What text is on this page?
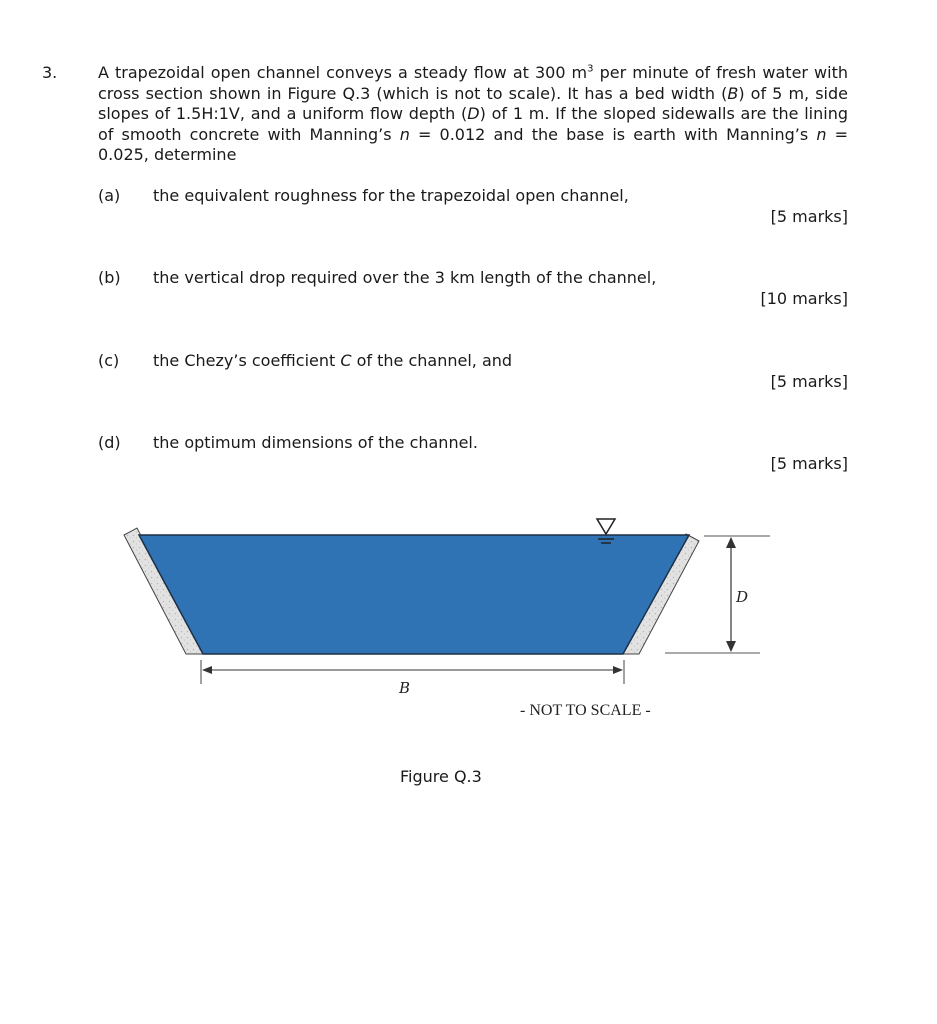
3.	A trapezoidal open channel conveys a steady flow at 300 $m^3$ per minute of fresh water with cross section shown in Figure Q.3 (which is not to scale). It has a bed width (B) of 5 m, side slopes of 1.5H:1V, and a uniform flow depth (D) of 1 m. If the sloped sidewalls are the lining of smooth concrete with Manning’s n = 0.012 and the base is earth with Manning’s n = 0.025, determine
(a) the equivalent roughness for the trapezoidal open channel,
[5 marks]
(b) the vertical drop required over the 3 km length of the channel,
[10 marks]
(c) the Chezy’s coefficient C of the channel, and
[5 marks]
(d) the optimum dimensions of the channel.
[5 marks]
D
B
- NOT TO SCALE -
Figure Q.3
